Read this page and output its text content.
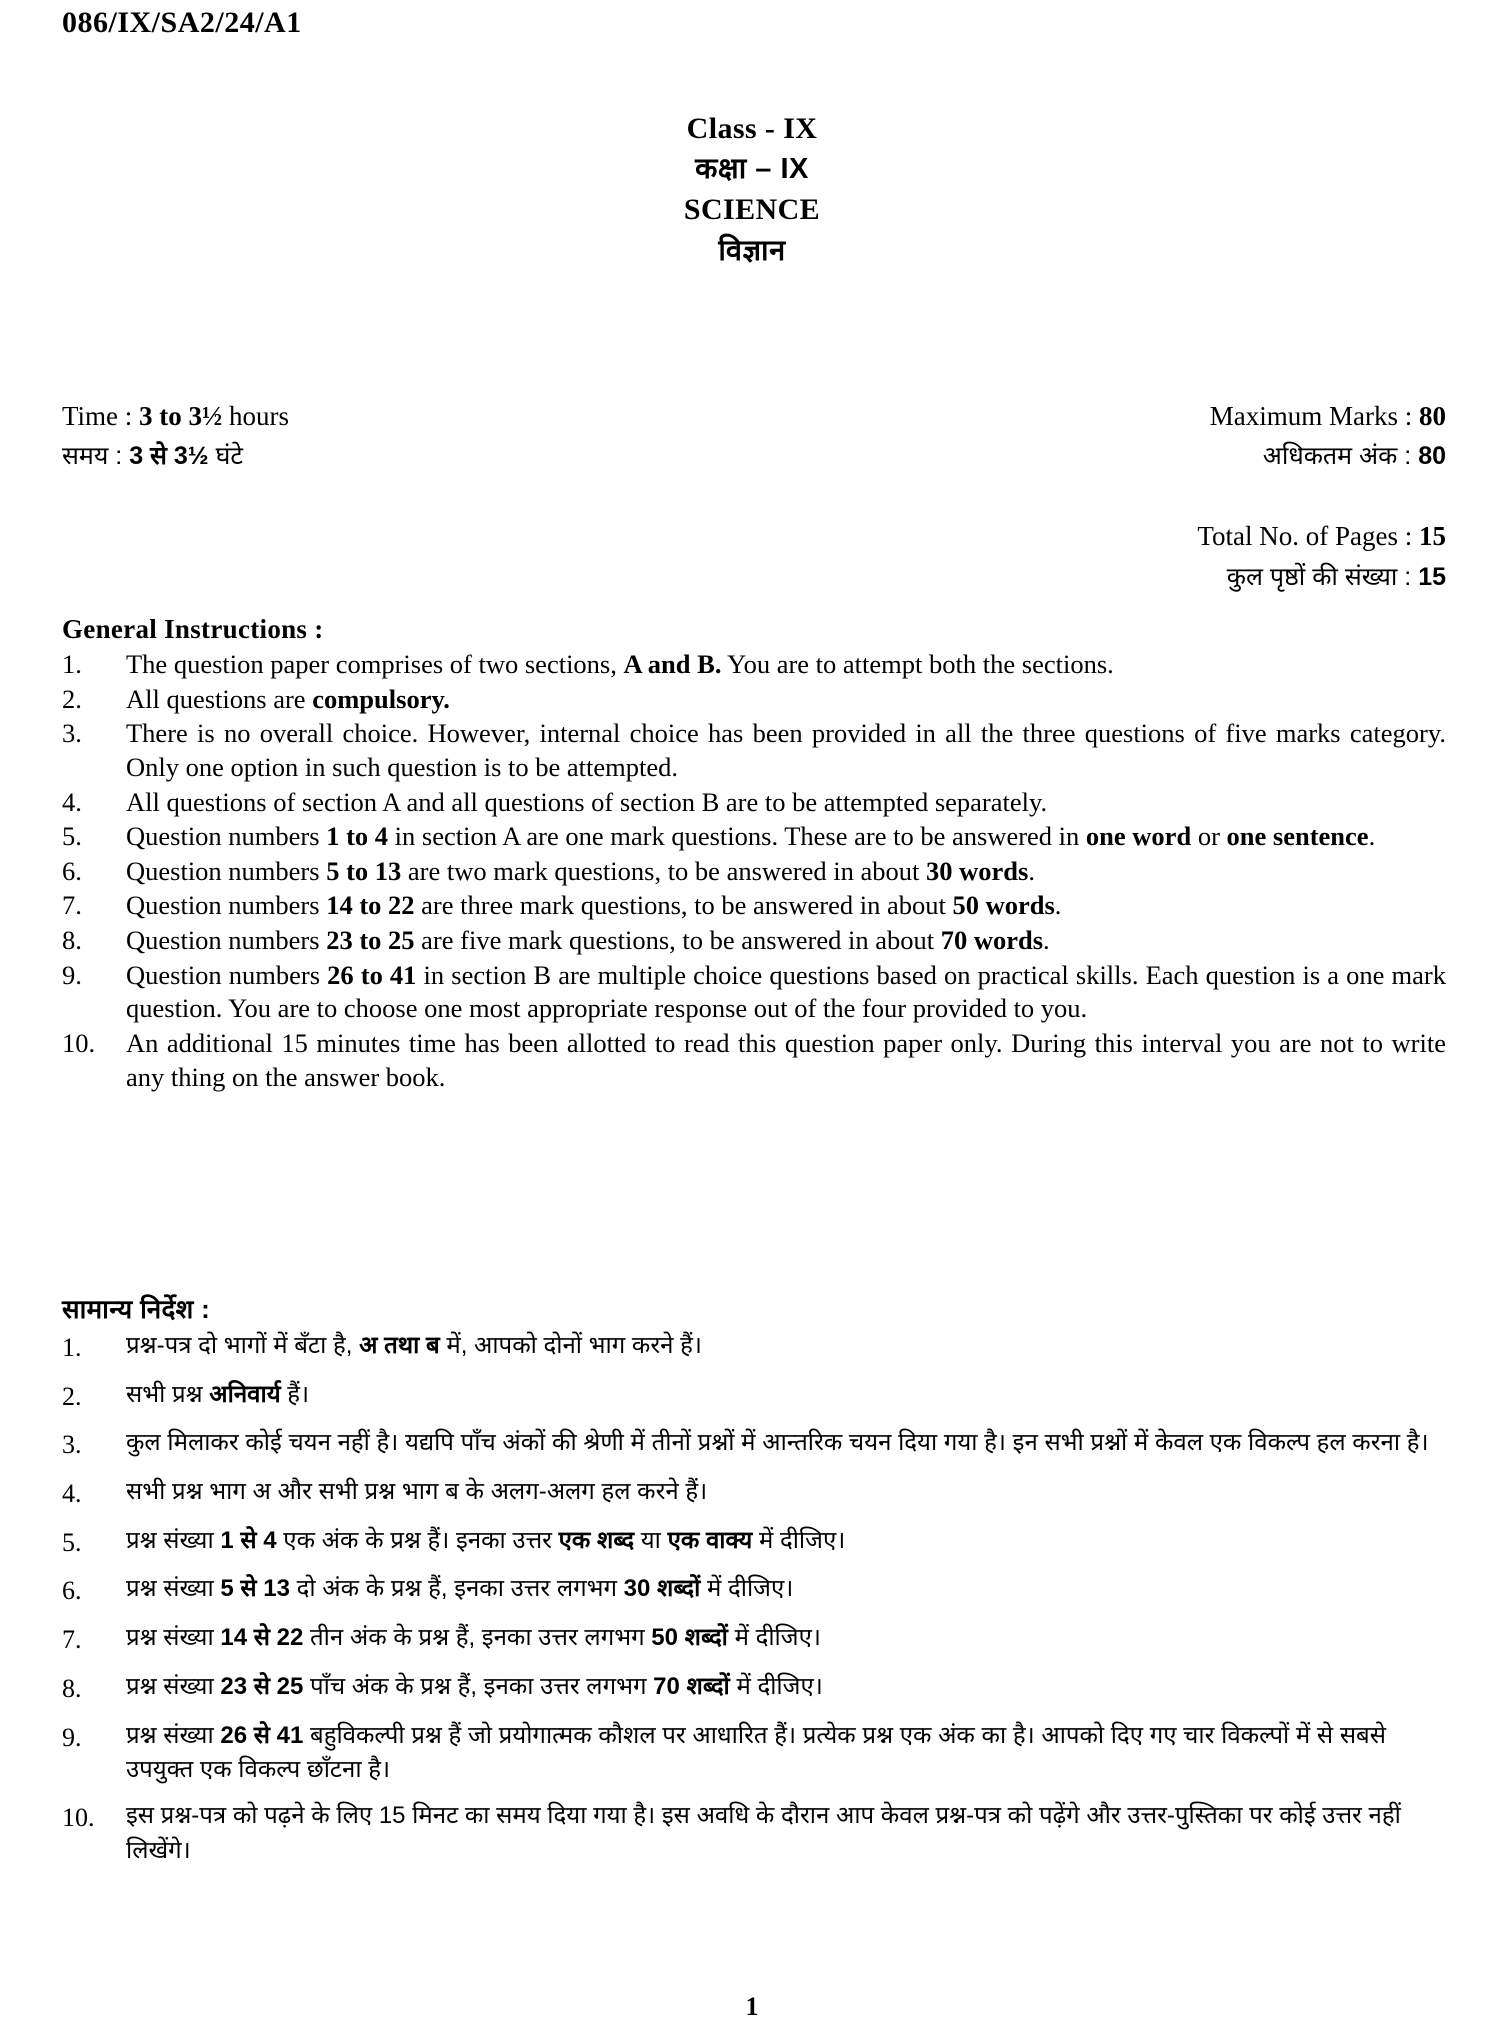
086/IX/SA2/24/A1
Class - IX
कक्षा – IX
SCIENCE
विज्ञान
Time : 3 to 3½ hours	Maximum Marks : 80
समय : 3 से 3½ घंटे	अधिकतम अंक : 80
Total No. of Pages : 15
कुल पृष्ठों की संख्या : 15
General Instructions :
1.	The question paper comprises of two sections, A and B. You are to attempt both the sections.
2.	All questions are compulsory.
3.	There is no overall choice. However, internal choice has been provided in all the three questions of five marks category. Only one option in such question is to be attempted.
4.	All questions of section A and all questions of section B are to be attempted separately.
5.	Question numbers 1 to 4 in section A are one mark questions. These are to be answered in one word or one sentence.
6.	Question numbers 5 to 13 are two mark questions, to be answered in about 30 words.
7.	Question numbers 14 to 22 are three mark questions, to be answered in about 50 words.
8.	Question numbers 23 to 25 are five mark questions, to be answered in about 70 words.
9.	Question numbers 26 to 41 in section B are multiple choice questions based on practical skills. Each question is a one mark question. You are to choose one most appropriate response out of the four provided to you.
10.	An additional 15 minutes time has been allotted to read this question paper only. During this interval you are not to write any thing on the answer book.
सामान्य निर्देश :
1.	प्रश्न-पत्र दो भागों में बँटा है, अ तथा ब में, आपको दोनों भाग करने हैं।
2.	सभी प्रश्न अनिवार्य हैं।
3.	कुल मिलाकर कोई चयन नहीं है। यद्यपि पाँच अंकों की श्रेणी में तीनों प्रश्नों में आन्तरिक चयन दिया गया है। इन सभी प्रश्नों में केवल एक विकल्प हल करना है।
4.	सभी प्रश्न भाग अ और सभी प्रश्न भाग ब के अलग-अलग हल करने हैं।
5.	प्रश्न संख्या 1 से 4 एक अंक के प्रश्न हैं। इनका उत्तर एक शब्द या एक वाक्य में दीजिए।
6.	प्रश्न संख्या 5 से 13 दो अंक के प्रश्न हैं, इनका उत्तर लगभग 30 शब्दों में दीजिए।
7.	प्रश्न संख्या 14 से 22 तीन अंक के प्रश्न हैं, इनका उत्तर लगभग 50 शब्दों में दीजिए।
8.	प्रश्न संख्या 23 से 25 पाँच अंक के प्रश्न हैं, इनका उत्तर लगभग 70 शब्दों में दीजिए।
9.	प्रश्न संख्या 26 से 41 बहुविकल्पी प्रश्न हैं जो प्रयोगात्मक कौशल पर आधारित हैं। प्रत्येक प्रश्न एक अंक का है। आपको दिए गए चार विकल्पों में से सबसे उपयुक्त एक विकल्प छाँटना है।
10.	इस प्रश्न-पत्र को पढ़ने के लिए 15 मिनट का समय दिया गया है। इस अवधि के दौरान आप केवल प्रश्न-पत्र को पढ़ेंगे और उत्तर-पुस्तिका पर कोई उत्तर नहीं लिखेंगे।
1
